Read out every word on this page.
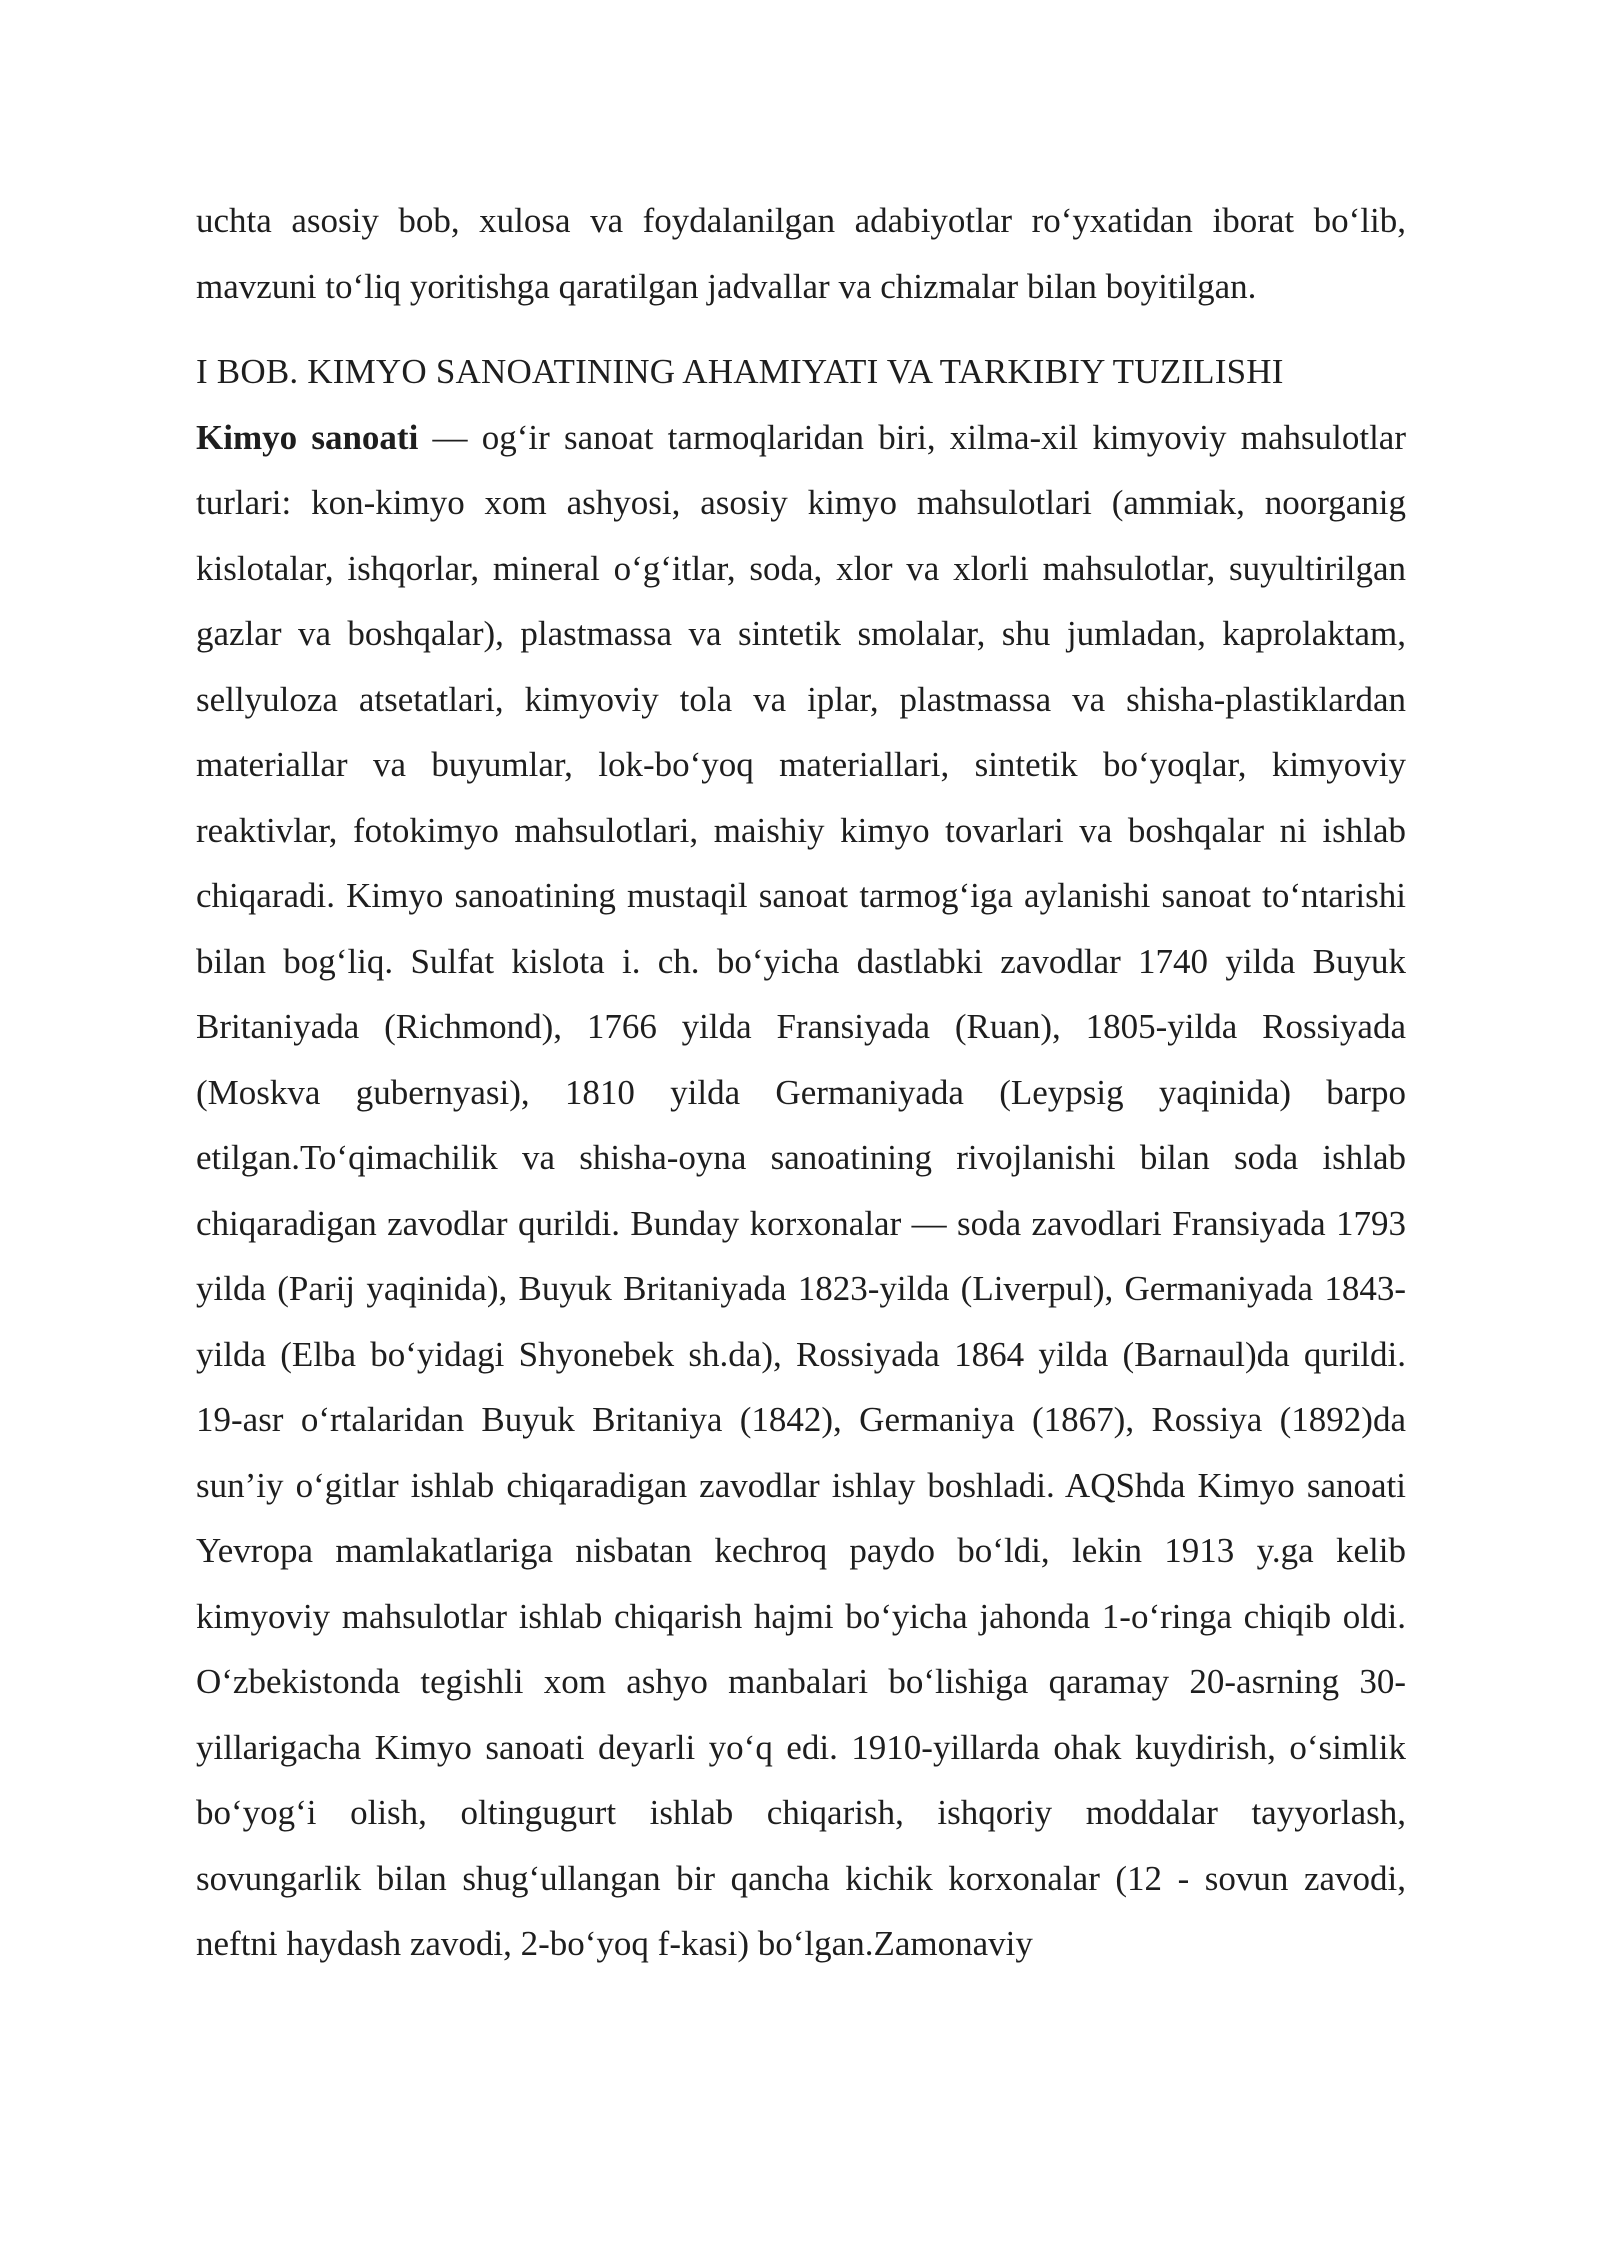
uchta asosiy bob, xulosa va foydalanilgan adabiyotlar ro‘yxatidan iborat bo‘lib, mavzuni to‘liq yoritishga qaratilgan jadvallar va chizmalar bilan boyitilgan.

I BOB. KIMYO SANOATINING AHAMIYATI VA TARKIBIY TUZILISHI

Kimyo sanoati — og‘ir sanoat tarmoqlaridan biri, xilma-xil kimyoviy mahsulotlar turlari: kon-kimyo xom ashyosi, asosiy kimyo mahsulotlari (ammiak, noorganig kislotalar, ishqorlar, mineral o‘g‘itlar, soda, xlor va xlorli mahsulotlar, suyultirilgan gazlar va boshqalar), plastmassa va sintetik smolalar, shu jumladan, kaprolaktam, sellyuloza atsetatlari, kimyoviy tola va iplar, plastmassa va shisha-plastiklardan materiallar va buyumlar, lok-bo‘yoq materiallari, sintetik bo‘yoqlar, kimyoviy reaktivlar, fotokimyo mahsulotlari, maishiy kimyo tovarlari va boshqalar ni ishlab chiqaradi. Kimyo sanoatining mustaqil sanoat tarmog‘iga aylanishi sanoat to‘ntarishi bilan bog‘liq. Sulfat kislota i. ch. bo‘yicha dastlabki zavodlar 1740 yilda Buyuk Britaniyada (Richmond), 1766 yilda Fransiyada (Ruan), 1805-yilda Rossiyada (Moskva gubernyasi), 1810 yilda Germaniyada (Leypsig yaqinida) barpo etilgan.To‘qimachilik va shisha-oyna sanoatining rivojlanishi bilan soda ishlab chiqaradigan zavodlar qurildi. Bunday korxonalar — soda zavodlari Fransiyada 1793 yilda (Parij yaqinida), Buyuk Britaniyada 1823-yilda (Liverpul), Germaniyada 1843-yilda (Elba bo‘yidagi Shyonebek sh.da), Rossiyada 1864 yilda (Barnaul)da qurildi. 19-asr o‘rtalaridan Buyuk Britaniya (1842), Germaniya (1867), Rossiya (1892)da sun’iy o‘gitlar ishlab chiqaradigan zavodlar ishlay boshladi. AQShda Kimyo sanoati Yevropa mamlakatlariga nisbatan kechroq paydo bo‘ldi, lekin 1913 y.ga kelib kimyoviy mahsulotlar ishlab chiqarish hajmi bo‘yicha jahonda 1-o‘ringa chiqib oldi. O‘zbekistonda tegishli xom ashyo manbalari bo‘lishiga qaramay 20-asrning 30-yillarigacha Kimyo sanoati deyarli yo‘q edi. 1910-yillarda ohak kuydirish, o‘simlik bo‘yog‘i olish, oltingugurt ishlab chiqarish, ishqoriy moddalar tayyorlash, sovungarlik bilan shug‘ullangan bir qancha kichik korxonalar (12 - sovun zavodi, neftni haydash zavodi, 2-bo‘yoq f-kasi) bo‘lgan.Zamonaviy
